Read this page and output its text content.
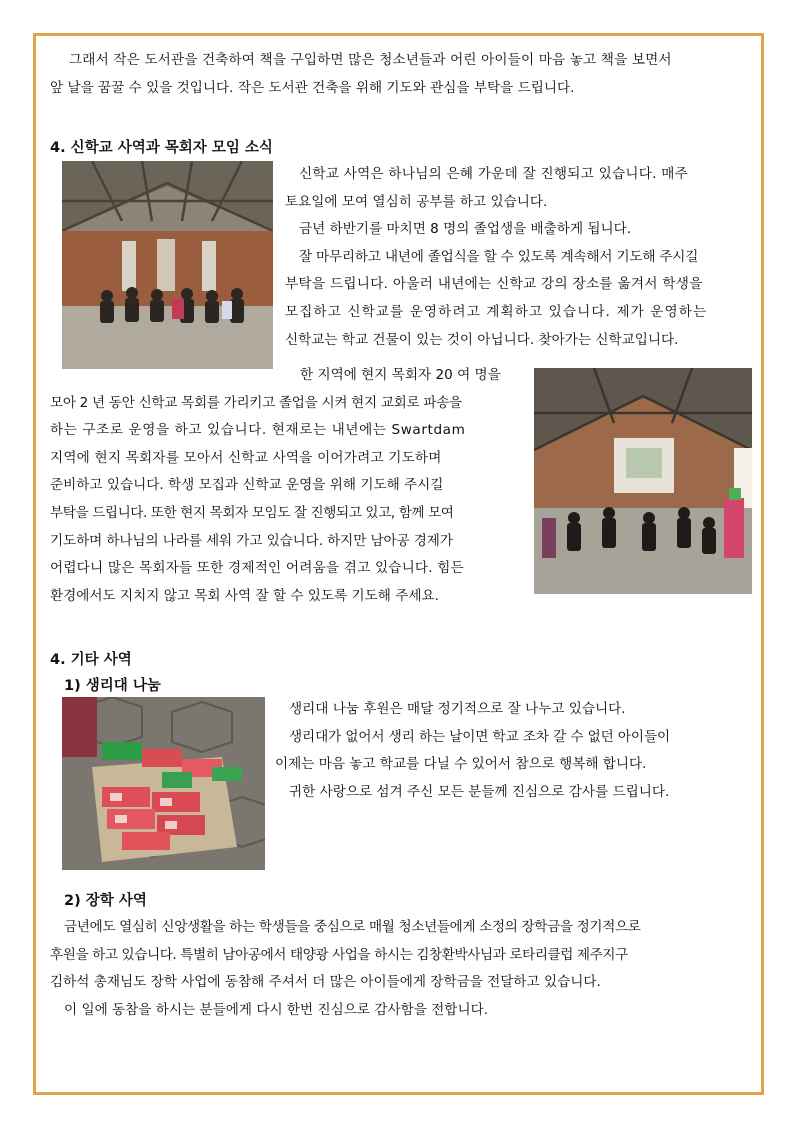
그래서 작은 도서관을 건축하여 책을 구입하면 많은 청소년들과 어린 아이들이 마음 놓고 책을 보면서
앞 날을 꿈꿀 수 있을 것입니다. 작은 도서관 건축을 위해 기도와 관심을 부탁을 드립니다.
4. 신학교 사역과 목회자 모임 소식
신학교 사역은 하나님의 은혜 가운데 잘 진행되고 있습니다. 매주
토요일에 모여 열심히 공부를 하고 있습니다.
금년 하반기를 마치면 8 명의 졸업생을 배출하게 됩니다.
잘 마무리하고 내년에 졸업식을 할 수 있도록 계속해서 기도해 주시길
부탁을 드립니다. 아울러 내년에는 신학교 강의 장소를 옮겨서 학생을
모집하고 신학교를 운영하려고 계획하고 있습니다. 제가 운영하는
신학교는 학교 건물이 있는 것이 아닙니다. 찾아가는 신학교입니다.
한 지역에 현지 목회자 20 여 명을
모아 2 년 동안 신학교 목회를 가리키고 졸업을 시켜 현지 교회로 파송을
하는 구조로 운영을 하고 있습니다. 현재로는 내년에는 Swartdam
지역에 현지 목회자를 모아서 신학교 사역을 이어가려고 기도하며
준비하고 있습니다. 학생 모집과 신학교 운영을 위해 기도해 주시길
부탁을 드립니다. 또한 현지 목회자 모임도 잘 진행되고 있고, 함께 모여
기도하며 하나님의 나라를 세워 가고 있습니다. 하지만 남아공 경제가
어렵다니 많은 목회자들 또한 경제적인 어려움을 겪고 있습니다. 힘든
환경에서도 지치지 않고 목회 사역 잘 할 수 있도록 기도해 주세요.
4. 기타 사역
1) 생리대 나눔
생리대 나눔 후원은 매달 정기적으로 잘 나누고 있습니다.
생리대가 없어서 생리 하는 날이면 학교 조차 갈 수 없던 아이들이
이제는 마음 놓고 학교를 다닐 수 있어서 참으로 행복해 합니다.
귀한 사랑으로 섬겨 주신 모든 분들께 진심으로 감사를 드립니다.
2) 장학 사역
금년에도 열심히 신앙생활을 하는 학생들을 중심으로 매월 청소년들에게 소정의 장학금을 정기적으로
후원을 하고 있습니다. 특별히 남아공에서 태양광 사업을 하시는 김창환박사님과 로타리클럽 제주지구
김하석 총재님도 장학 사업에 동참해 주셔서 더 많은 아이들에게 장학금을 전달하고 있습니다.
이 일에 동참을 하시는 분들에게 다시 한번 진심으로 감사함을 전합니다.
